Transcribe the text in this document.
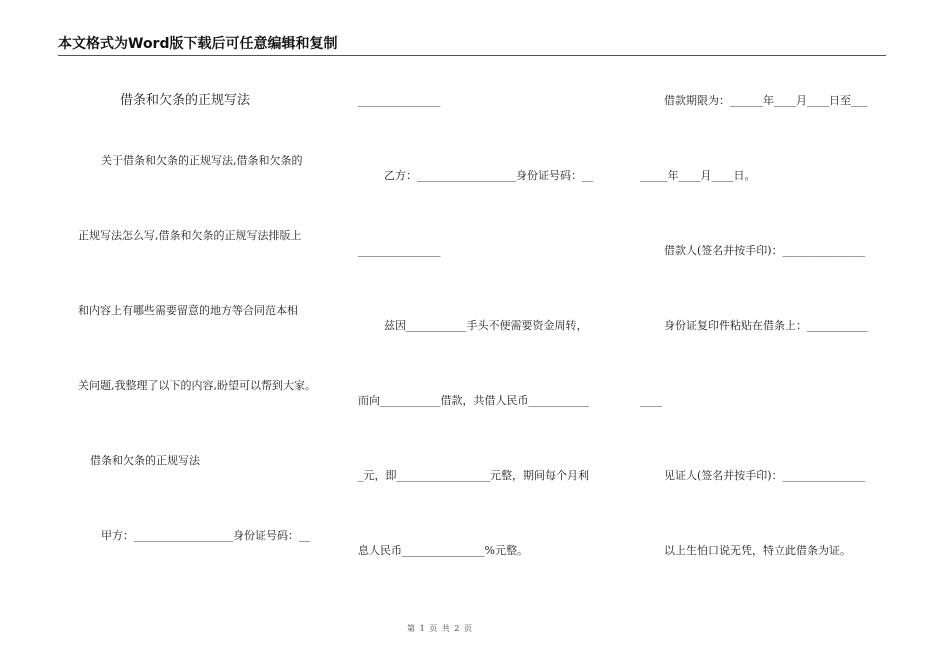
本文格式为Word版下载后可任意编辑和复制
借条和欠条的正规写法
关于借条和欠条的正规写法,借条和欠条的
正规写法怎么写,借条和欠条的正规写法排版上
和内容上有哪些需要留意的地方等合同范本相
关问题,我整理了以下的内容,盼望可以帮到大家。
借条和欠条的正规写法
甲方：__________________身份证号码：__
_______________
乙方：__________________身份证号码：__
_______________
兹因___________手头不便需要资金周转，
而向___________借款，共借人民币___________
_元，即_________________元整，期间每个月利
息人民币_______________%元整。
借款期限为：______年____月____日至___
_____年____月____日。
借款人(签名并按手印)：_______________
身份证复印件粘贴在借条上：___________
____
见证人(签名并按手印)：_______________
以上生怕口说无凭，特立此借条为证。
第 1 页 共 2 页
